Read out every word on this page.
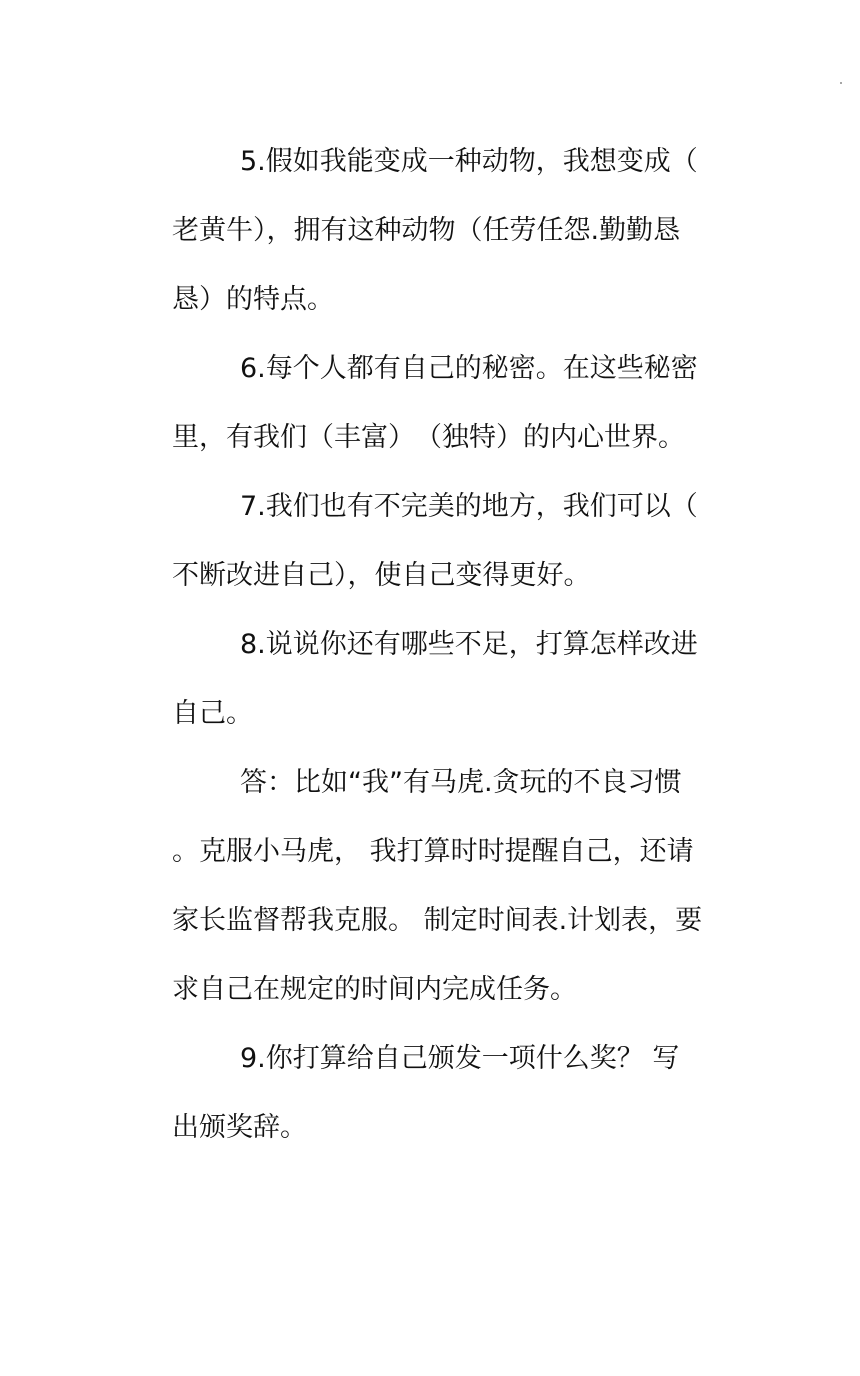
5.假如我能变成一种动物，我想变成（
老黄牛），拥有这种动物（任劳任怨.勤勤恳
恳）的特点。
6.每个人都有自己的秘密。在这些秘密
里，有我们（丰富）　（独特）的内心世界。
7.我们也有不完美的地方，我们可以（
不断改进自己），使自己变得更好。
8.说说你还有哪些不足，打算怎样改进
自己。
答：比如“我”有马虎.贪玩的不良习惯
。克服小马虎， 我打算时时提醒自己，还请
家长监督帮我克服。 制定时间表.计划表，要
求自己在规定的时间内完成任务。
9.你打算给自己颁发一项什么奖？ 写
出颁奖辞。
